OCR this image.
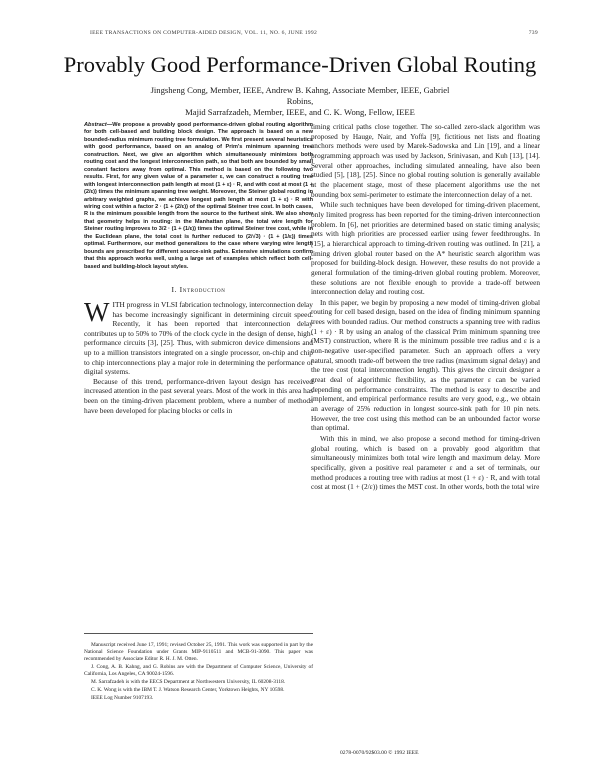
IEEE TRANSACTIONS ON COMPUTER-AIDED DESIGN, VOL. 11, NO. 6, JUNE 1992	739
Provably Good Performance-Driven Global Routing
Jingsheng Cong, Member, IEEE, Andrew B. Kahng, Associate Member, IEEE, Gabriel Robins,
Majid Sarrafzadeh, Member, IEEE, and C. K. Wong, Fellow, IEEE

Abstract—We propose a provably good performance-driven global routing algorithm for both cell-based and building block design. The approach is based on a new bounded-radius minimum routing tree formulation. We first present several heuristics with good performance, based on an analog of Prim's minimum spanning tree construction. Next, we give an algorithm which simultaneously minimizes both routing cost and the longest interconnection path, so that both are bounded by small constant factors away from optimal. This method is based on the following two results. First, for any given value of a parameter ε, we can construct a routing tree with longest interconnection path length at most (1 + ε) · R, and with cost at most (1 + (2/ε)) times the minimum spanning tree weight. Moreover, the Steiner global routing in arbitrary weighted graphs, we achieve longest path length at most (1 + ε) · R with wiring cost within a factor 2 · (1 + (2/ε)) of the optimal Steiner tree cost. In both cases, R is the minimum possible length from the source to the furthest sink. We also show that geometry helps in routing: in the Manhattan plane, the total wire length for Steiner routing improves to 3/2 · (1 + (1/ε)) times the optimal Steiner tree cost, while in the Euclidean plane, the total cost is further reduced to (2/√3) · (1 + (1/ε)) times optimal. Furthermore, our method generalizes to the case where varying wire length bounds are prescribed for different source-sink paths. Extensive simulations confirm that this approach works well, using a large set of examples which reflect both cell-based and building-block layout styles.

I. Introduction

WITH progress in VLSI fabrication technology, interconnection delay has become increasingly significant in determining circuit speed. Recently, it has been reported that interconnection delay contributes up to 50% to 70% of the clock cycle in the design of dense, high-performance circuits [3], [25]. Thus, with submicron device dimensions and up to a million transistors integrated on a single processor, on-chip and chip to chip interconnections play a major role in determining the performance of digital systems.

Because of this trend, performance-driven layout design has received increased attention in the past several years. Most of the work in this area has been on the timing-driven placement problem, where a number of methods have been developed for placing blocks or cells in

timing critical paths close together. The so-called zero-slack algorithm was proposed by Hauge, Nair, and Yoffa [9], fictitious net lists and floating anchors methods were used by Marek-Sadowska and Lin [19], and a linear programming approach was used by Jackson, Srinivasan, and Kuh [13], [14]. Several other approaches, including simulated annealing, have also been studied [5], [18], [25]. Since no global routing solution is generally available at the placement stage, most of these placement algorithms use the net bounding box semi-perimeter to estimate the interconnection delay of a net.

While such techniques have been developed for timing-driven placement, only limited progress has been reported for the timing-driven interconnection problem. In [6], net priorities are determined based on static timing analysis; nets with high priorities are processed earlier using fewer feedthroughs. In [15], a hierarchical approach to timing-driven routing was outlined. In [21], a timing driven global router based on the A* heuristic search algorithm was proposed for building-block design. However, these results do not provide a general formulation of the timing-driven global routing problem. Moreover, these solutions are not flexible enough to provide a trade-off between interconnection delay and routing cost.

In this paper, we begin by proposing a new model of timing-driven global routing for cell based design, based on the idea of finding minimum spanning trees with bounded radius. Our method constructs a spanning tree with radius (1 + ε) · R by using an analog of the classical Prim minimum spanning tree (MST) construction, where R is the minimum possible tree radius and ε is a non-negative user-specified parameter. Such an approach offers a very natural, smooth trade-off between the tree radius (maximum signal delay) and the tree cost (total interconnection length). This gives the circuit designer a great deal of algorithmic flexibility, as the parameter ε can be varied depending on performance constraints. The method is easy to describe and implement, and empirical performance results are very good, e.g., we obtain an average of 25% reduction in longest source-sink path for 10 pin nets. However, the tree cost using this method can be an unbounded factor worse than optimal.

With this in mind, we also propose a second method for timing-driven global routing, which is based on a provably good algorithm that simultaneously minimizes both total wire length and maximum delay. More specifically, given a positive real parameter ε and a set of terminals, our method produces a routing tree with radius at most (1 + ε) · R, and with total cost at most (1 + (2/ε)) times the MST cost. In other words, both the total wire

Manuscript received June 17, 1991; revised October 25, 1991. This work was supported in part by the National Science Foundation under Grants MIP-9110511 and MCB-91-3090. This paper was recommended by Associate Editor R. H. J. M. Otten.

J. Cong, A. B. Kahng, and G. Robins are with the Department of Computer Science, University of California, Los Angeles, CA 90024-1596.

M. Sarrafzadeh is with the EECS Department at Northwestern University, IL 60208-3118.

C. K. Wong is with the IBM T. J. Watson Research Center, Yorktown Heights, NY 10598.

IEEE Log Number 9107193.

0278-0070/92$03.00 © 1992 IEEE
